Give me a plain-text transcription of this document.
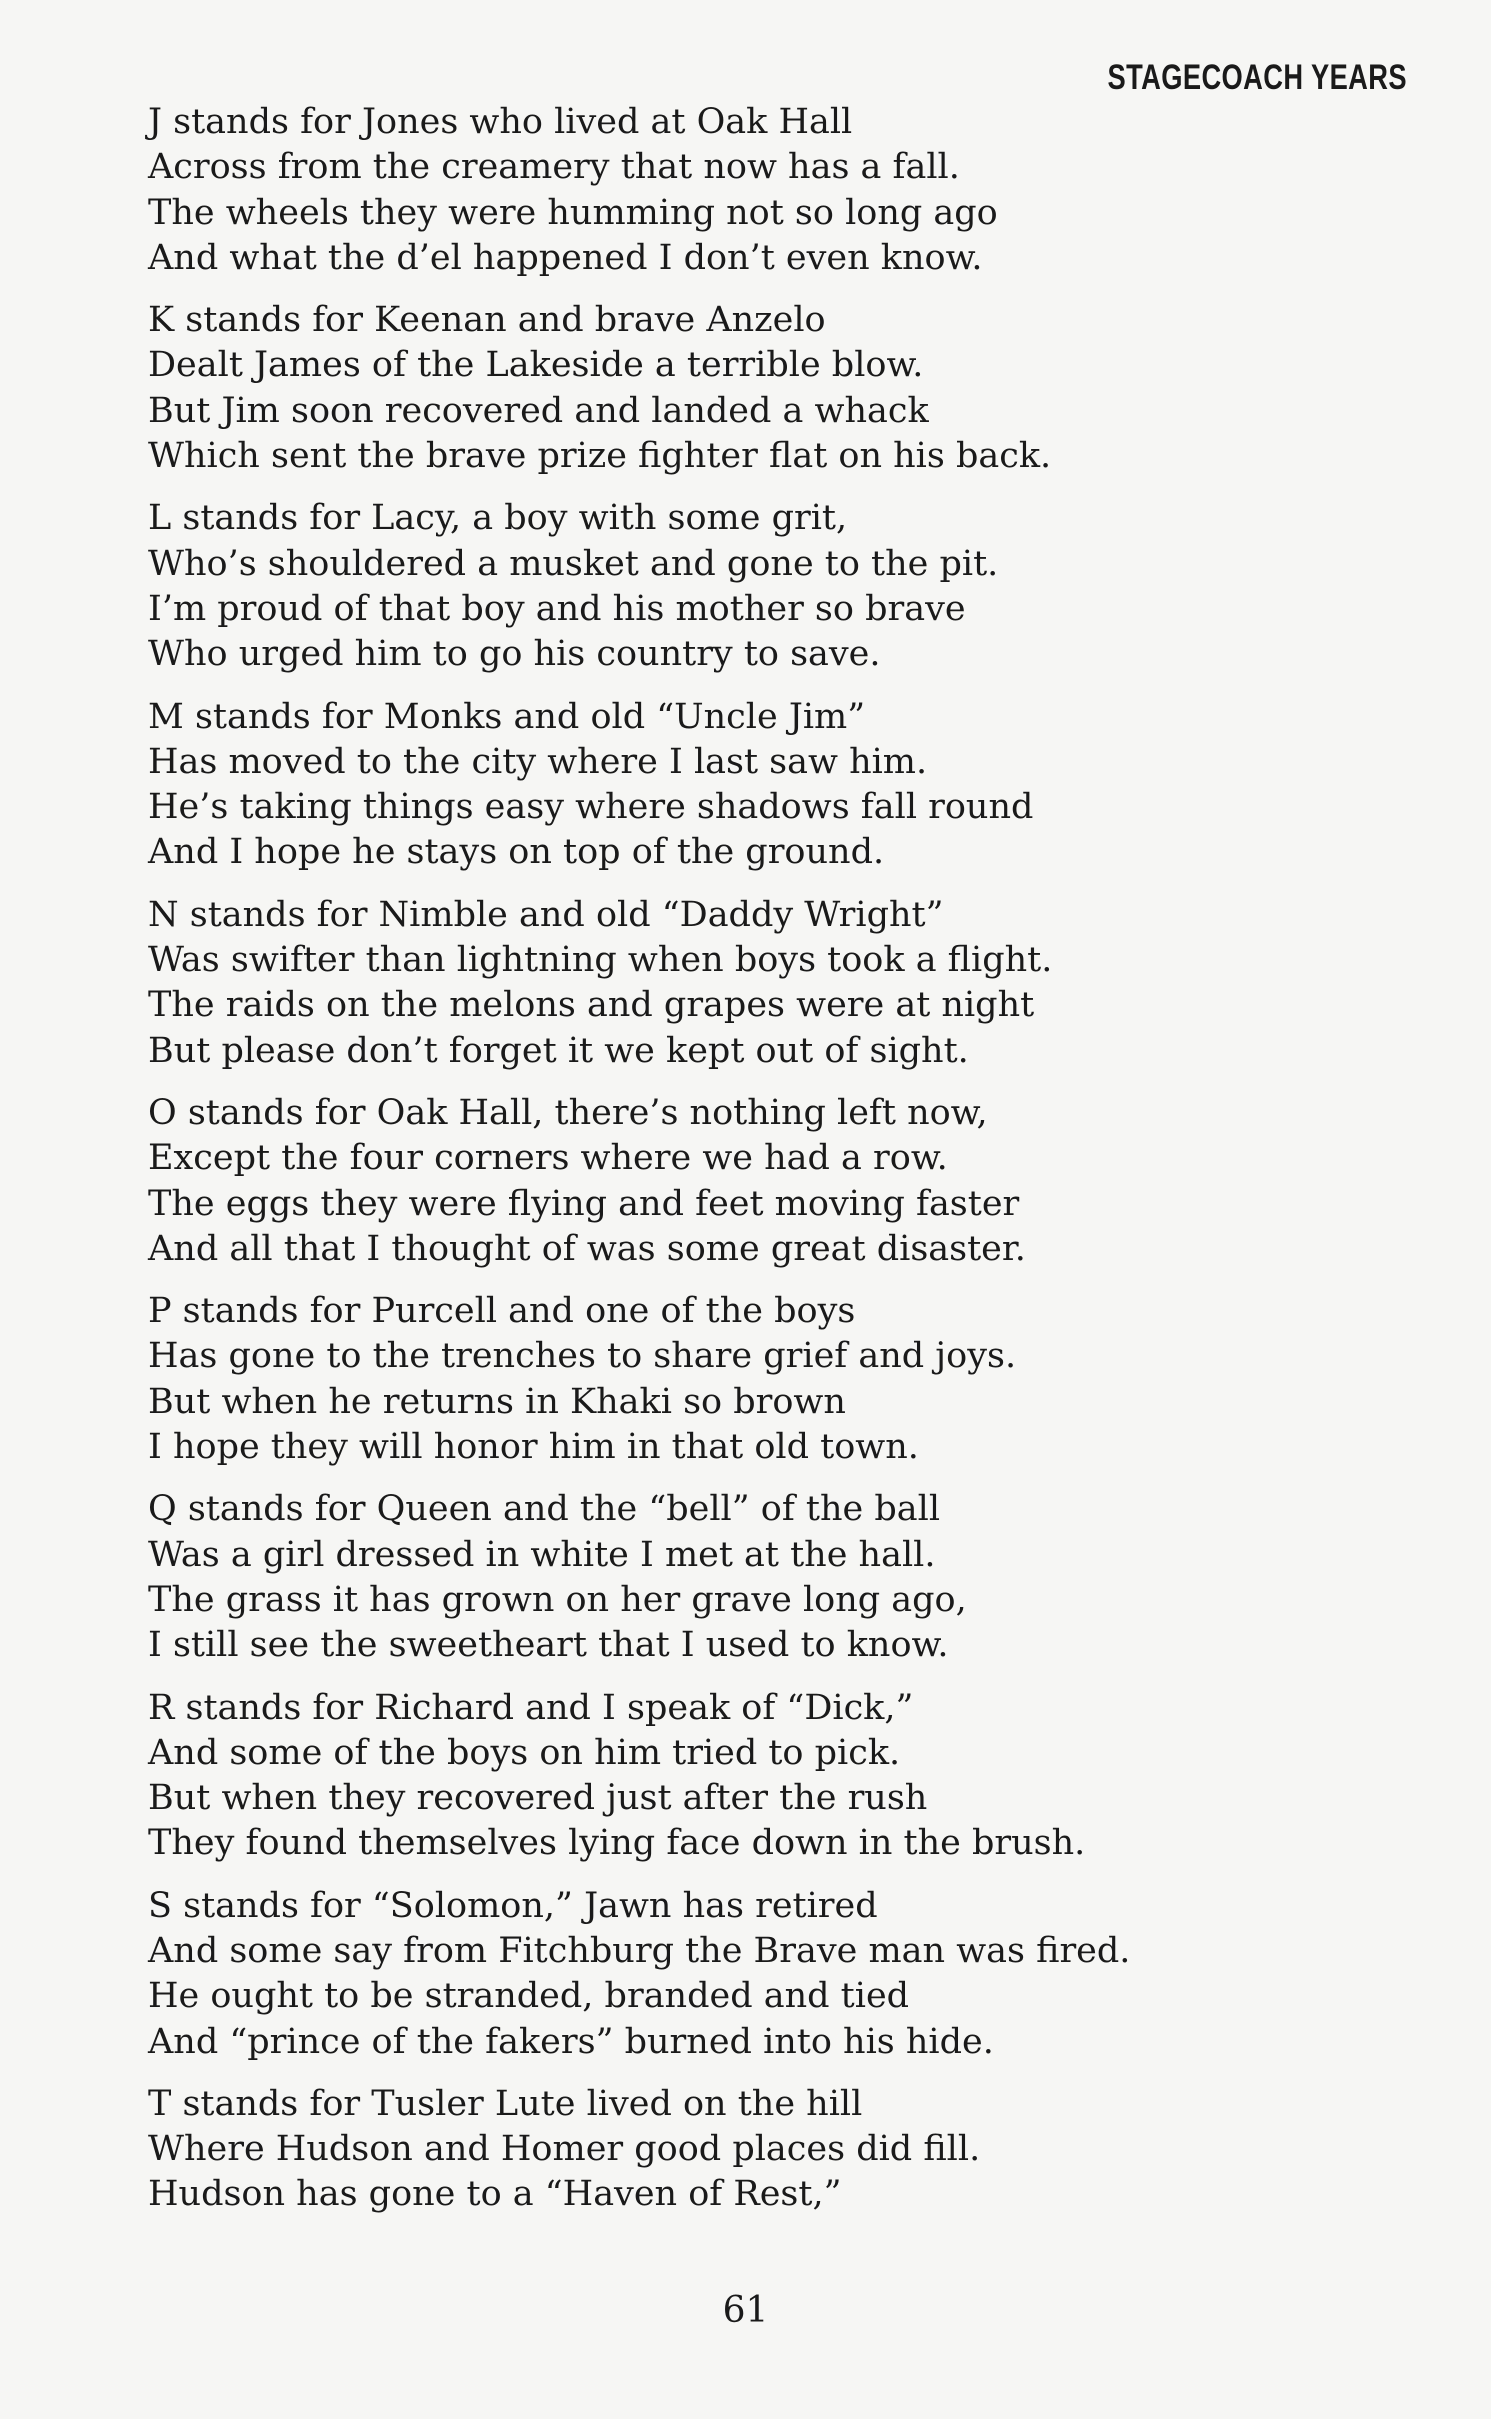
STAGECOACH YEARS
J stands for Jones who lived at Oak Hall
Across from the creamery that now has a fall.
The wheels they were humming not so long ago
And what the d’el happened I don’t even know.
K stands for Keenan and brave Anzelo
Dealt James of the Lakeside a terrible blow.
But Jim soon recovered and landed a whack
Which sent the brave prize fighter flat on his back.
L stands for Lacy, a boy with some grit,
Who’s shouldered a musket and gone to the pit.
I’m proud of that boy and his mother so brave
Who urged him to go his country to save.
M stands for Monks and old “Uncle Jim”
Has moved to the city where I last saw him.
He’s taking things easy where shadows fall round
And I hope he stays on top of the ground.
N stands for Nimble and old “Daddy Wright”
Was swifter than lightning when boys took a flight.
The raids on the melons and grapes were at night
But please don’t forget it we kept out of sight.
O stands for Oak Hall, there’s nothing left now,
Except the four corners where we had a row.
The eggs they were flying and feet moving faster
And all that I thought of was some great disaster.
P stands for Purcell and one of the boys
Has gone to the trenches to share grief and joys.
But when he returns in Khaki so brown
I hope they will honor him in that old town.
Q stands for Queen and the “bell” of the ball
Was a girl dressed in white I met at the hall.
The grass it has grown on her grave long ago,
I still see the sweetheart that I used to know.
R stands for Richard and I speak of “Dick,”
And some of the boys on him tried to pick.
But when they recovered just after the rush
They found themselves lying face down in the brush.
S stands for “Solomon,” Jawn has retired
And some say from Fitchburg the Brave man was fired.
He ought to be stranded, branded and tied
And “prince of the fakers” burned into his hide.
T stands for Tusler Lute lived on the hill
Where Hudson and Homer good places did fill.
Hudson has gone to a “Haven of Rest,”
61
